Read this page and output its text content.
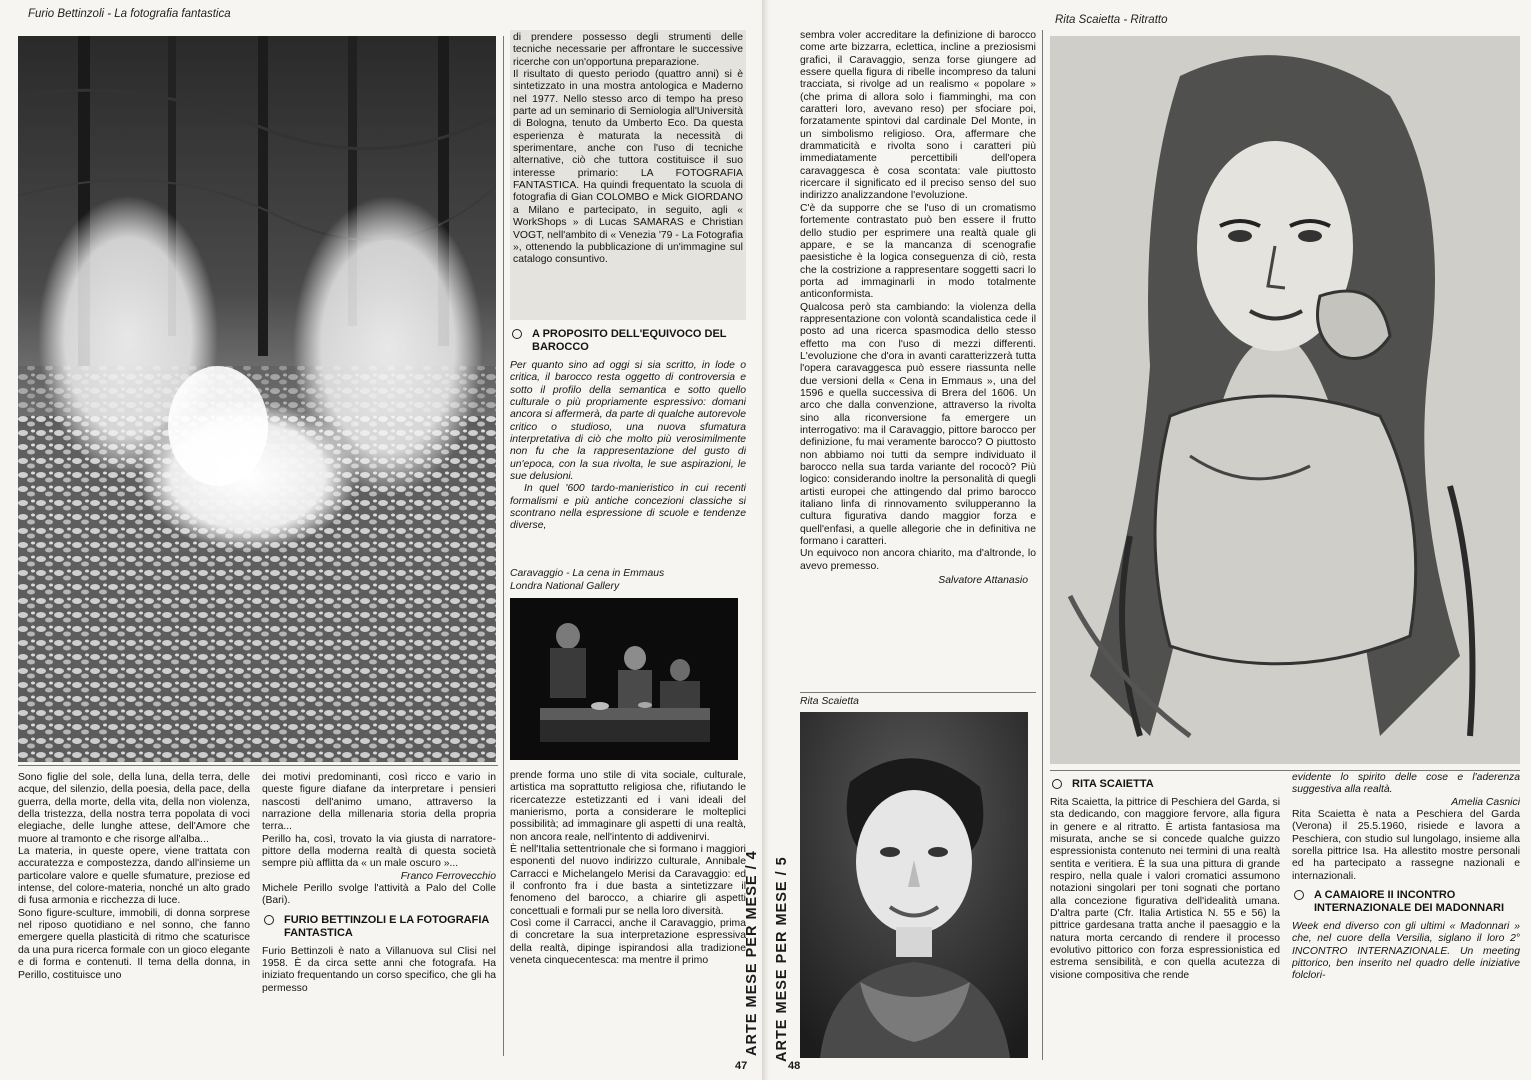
Furio Bettinzoli - La fotografia fantastica

Sono figlie del sole, della luna, della terra, delle acque, del silenzio, della poesia, della pace, della guerra, della morte, della vita, della non violenza, della tristezza, della nostra terra popolata di voci elegiache, delle lunghe attese, dell'Amore che muore al tramonto e che risorge all'alba...

La materia, in queste opere, viene trattata con accuratezza e compostezza, dando all'insieme un particolare valore e quelle sfumature, preziose ed intense, del colore-materia, nonché un alto grado di fusa armonia e ricchezza di luce.

Sono figure-sculture, immobili, di donna sorprese nel riposo quotidiano e nel sonno, che fanno emergere quella plasticità di ritmo che scaturisce da una pura ricerca formale con un gioco elegante e di forma e contenuti. Il tema della donna, in Perillo, costituisce uno

dei motivi predominanti, così ricco e vario in queste figure diafane da interpretare i pensieri nascosti dell'animo umano, attraverso la narrazione della millenaria storia della propria terra...

Perillo ha, così, trovato la via giusta di narratore-pittore della moderna realtà di questa società sempre più afflitta da « un male oscuro »...

Franco Ferrovecchio

Michele Perillo svolge l'attività a Palo del Colle (Bari).

FURIO BETTINZOLI E LA FOTOGRAFIA FANTASTICA

Furio Bettinzoli è nato a Villanuova sul Clisi nel 1958. È da circa sette anni che fotografa. Ha iniziato frequentando un corso specifico, che gli ha permesso

di prendere possesso degli strumenti delle tecniche necessarie per affrontare le successive ricerche con un'opportuna preparazione.

Il risultato di questo periodo (quattro anni) si è sintetizzato in una mostra antologica e Maderno nel 1977. Nello stesso arco di tempo ha preso parte ad un seminario di Semiologia all'Università di Bologna, tenuto da Umberto Eco. Da questa esperienza è maturata la necessità di sperimentare, anche con l'uso di tecniche alternative, ciò che tuttora costituisce il suo interesse primario: LA FOTOGRAFIA FANTASTICA. Ha quindi frequentato la scuola di fotografia di Gian COLOMBO e Mick GIORDANO a Milano e partecipato, in seguito, agli « WorkShops » di Lucas SAMARAS e Christian VOGT, nell'ambito di « Venezia '79 - La Fotografia », ottenendo la pubblicazione di un'immagine sul catalogo consuntivo.

A PROPOSITO DELL'EQUIVOCO DEL BAROCCO

Per quanto sino ad oggi si sia scritto, in lode o critica, il barocco resta oggetto di controversia e sotto il profilo della semantica e sotto quello culturale o più propriamente espressivo: domani ancora si affermerà, da parte di qualche autorevole critico o studioso, una nuova sfumatura interpretativa di ciò che molto più verosimilmente non fu che la rappresentazione del gusto di un'epoca, con la sua rivolta, le sue aspirazioni, le sue delusioni.

In quel '600 tardo-manieristico in cui recenti formalismi e più antiche concezioni classiche si scontrano nella espressione di scuole e tendenze diverse,

Caravaggio - La cena in Emmaus
Londra National Gallery

prende forma uno stile di vita sociale, culturale, artistica ma soprattutto religiosa che, rifiutando le ricercatezze estetizzanti ed i vani ideali del manierismo, porta a considerare le molteplici possibilità; ad immaginare gli aspetti di una realtà, non ancora reale, nell'intento di addivenirvi.

È nell'Italia settentrionale che si formano i maggiori esponenti del nuovo indirizzo culturale, Annibale Carracci e Michelangelo Merisi da Caravaggio: ed il confronto fra i due basta a sintetizzare il fenomeno del barocco, a chiarire gli aspetti concettuali e formali pur se nella loro diversità.

Così come il Carracci, anche il Caravaggio, prima di concretare la sua interpretazione espressiva della realtà, dipinge ispirandosi alla tradizione veneta cinquecentesca: ma mentre il primo	ARTE MESE PER MESE / 4
47
ARTE MESE PER MESE / 5
48
Rita Scaietta - Ritratto

sembra voler accreditare la definizione di barocco come arte bizzarra, eclettica, incline a preziosismi grafici, il Caravaggio, senza forse giungere ad essere quella figura di ribelle incompreso da taluni tracciata, si rivolge ad un realismo « popolare » (che prima di allora solo i fiamminghi, ma con caratteri loro, avevano reso) per sfociare poi, forzatamente spintovi dal cardinale Del Monte, in un simbolismo religioso. Ora, affermare che drammaticità e rivolta sono i caratteri più immediatamente percettibili dell'opera caravaggesca è cosa scontata: vale piuttosto ricercare il significato ed il preciso senso del suo indirizzo analizzandone l'evoluzione.

C'è da supporre che se l'uso di un cromatismo fortemente contrastato può ben essere il frutto dello studio per esprimere una realtà quale gli appare, e se la mancanza di scenografie paesistiche è la logica conseguenza di ciò, resta che la costrizione a rappresentare soggetti sacri lo porta ad immaginarli in modo totalmente anticonformista.

Qualcosa però sta cambiando: la violenza della rappresentazione con volontà scandalistica cede il posto ad una ricerca spasmodica dello stesso effetto ma con l'uso di mezzi differenti. L'evoluzione che d'ora in avanti caratterizzerà tutta l'opera caravaggesca può essere riassunta nelle due versioni della « Cena in Emmaus », una del 1596 e quella successiva di Brera del 1606. Un arco che dalla convenzione, attraverso la rivolta sino alla riconversione fa emergere un interrogativo: ma il Caravaggio, pittore barocco per definizione, fu mai veramente barocco? O piuttosto non abbiamo noi tutti da sempre individuato il barocco nella sua tarda variante del rococò? Più logico: considerando inoltre la personalità di quegli artisti europei che attingendo dal primo barocco italiano linfa di rinnovamento svilupperanno la cultura figurativa dando maggior forza e quell'enfasi, a quelle allegorie che in definitiva ne formano i caratteri.

Un equivoco non ancora chiarito, ma d'altronde, lo avevo premesso.

Salvatore Attanasio

Rita Scaietta
RITA SCAIETTA

Rita Scaietta, la pittrice di Peschiera del Garda, si sta dedicando, con maggiore fervore, alla figura in genere e al ritratto. È artista fantasiosa ma misurata, anche se si concede qualche guizzo espressionista contenuto nei termini di una realtà sentita e veritiera. È la sua una pittura di grande respiro, nella quale i valori cromatici assumono notazioni singolari per toni sognati che portano alla concezione figurativa dell'idealità umana. D'altra parte (Cfr. Italia Artistica N. 55 e 56) la pittrice gardesana tratta anche il paesaggio e la natura morta cercando di rendere il processo evolutivo pittorico con forza espressionistica ed estrema sensibilità, e con quella acutezza di visione compositiva che rende

evidente lo spirito delle cose e l'aderenza suggestiva alla realtà.

Amelia Casnici

Rita Scaietta è nata a Peschiera del Garda (Verona) il 25.5.1960, risiede e lavora a Peschiera, con studio sul lungolago, insieme alla sorella pittrice Isa. Ha allestito mostre personali ed ha partecipato a rassegne nazionali e internazionali.

A CAMAIORE II INCONTRO INTERNAZIONALE DEI MADONNARI

Week end diverso con gli ultimi « Madonnari » che, nel cuore della Versilia, siglano il loro 2° INCONTRO INTERNAZIONALE. Un meeting pittorico, ben inserito nel quadro delle iniziative folclori-
